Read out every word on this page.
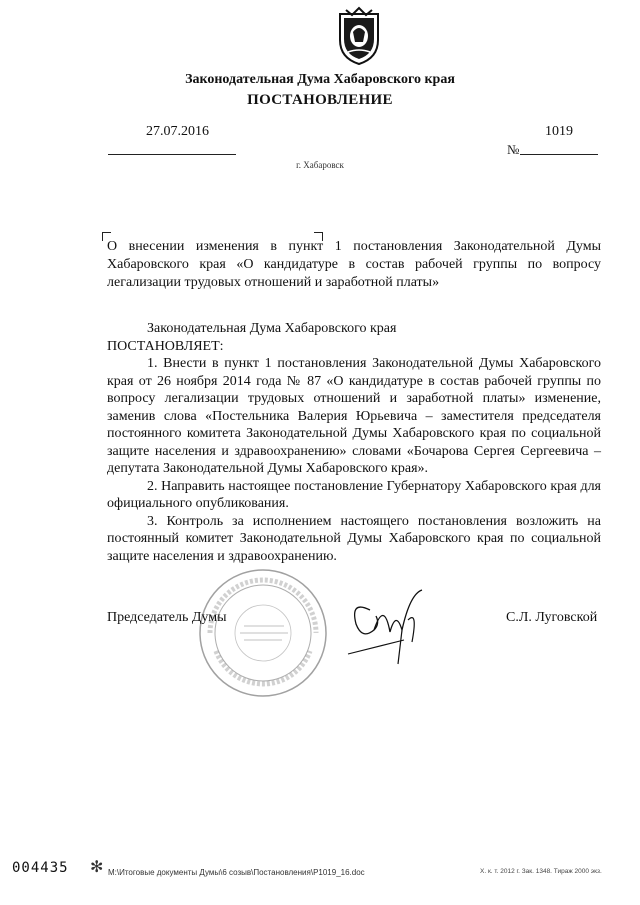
Законодательная Дума Хабаровского края
ПОСТАНОВЛЕНИЕ
27.07.2016	1019
№
г. Хабаровск
О внесении изменения в пункт 1 постановления Законодательной Думы Хабаровского края «О кандидатуре в состав рабочей группы по вопросу легализации трудовых отношений и заработной платы»

Законодательная Дума Хабаровского края

ПОСТАНОВЛЯЕТ:

1. Внести в пункт 1 постановления Законодательной Думы Хабаровского края от 26 ноября 2014 года № 87 «О кандидатуре в состав рабочей группы по вопросу легализации трудовых отношений и заработной платы» изменение, заменив слова «Постельника Валерия Юрьевича – заместителя председателя постоянного комитета Законодательной Думы Хабаровского края по социальной защите населения и здравоохранению» словами «Бочарова Сергея Сергеевича – депутата Законодательной Думы Хабаровского края».

2. Направить настоящее постановление Губернатору Хабаровского края для официального опубликования.

3. Контроль за исполнением настоящего постановления возложить на постоянный комитет Законодательной Думы Хабаровского края по социальной защите населения и здравоохранению.

Председатель Думы	С.Л. Луговской
004435 ✻ М:\Итоговые документы Думы\6 созыв\Постановления\P1019_16.doc	Х. к. т. 2012 г. Зак. 1348. Тираж 2000 экз.
